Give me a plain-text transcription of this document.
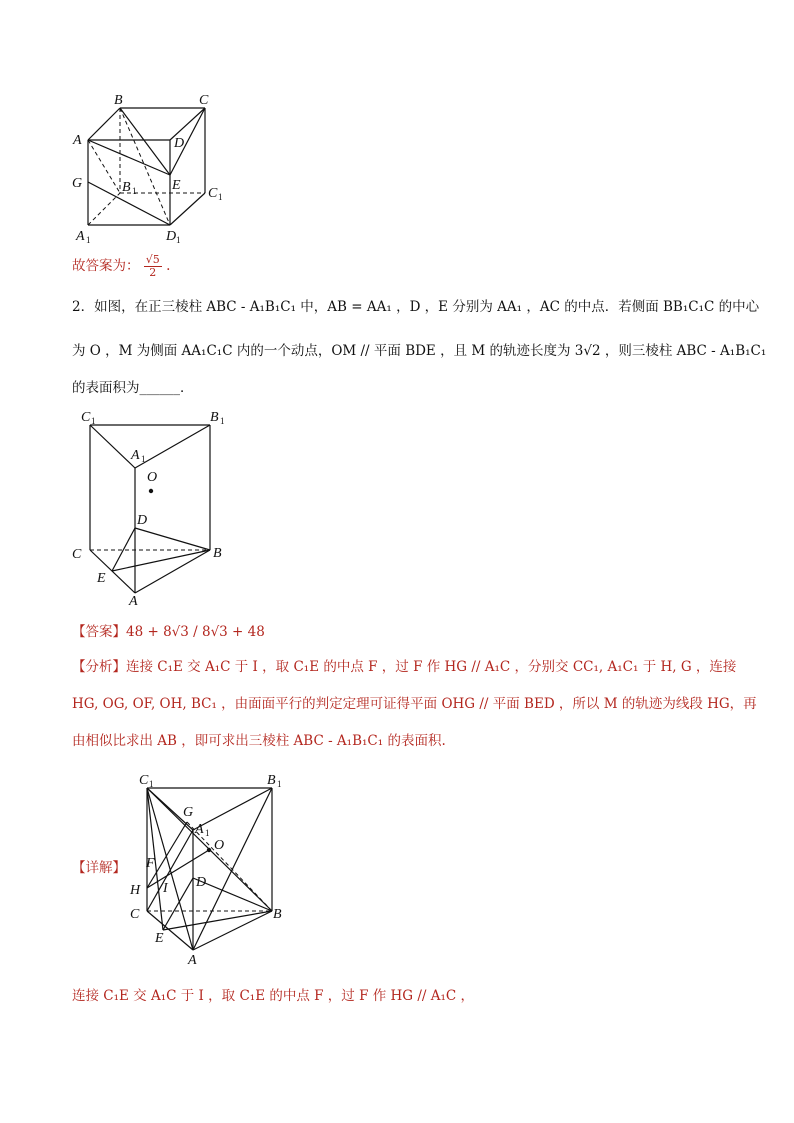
B	C
A	D
G	B 1	E
C 1
A 1	D 1
故答案为： $\frac{√5}{2}$ .
2．如图，在正三棱柱 ABC - A₁B₁C₁ 中，AB = AA₁ ，D ，E 分别为 AA₁ ，AC 的中点．若侧面 BB₁C₁C 的中心
为 O ，M 为侧面 AA₁C₁C 内的一个动点，OM // 平面 BDE ，且 M 的轨迹长度为 3√2 ，则三棱柱 ABC - A₁B₁C₁
的表面积为______．
C 1	B 1
A 1
O
D
C	B
E
A
【答案】48 + 8√3 / 8√3 + 48
【分析】连接 C₁E 交 A₁C 于 I ，取 C₁E 的中点 F ，过 F 作 HG // A₁C ，分别交 CC₁, A₁C₁ 于 H, G ，连接
HG, OG, OF, OH, BC₁ ，由面面平行的判定定理可证得平面 OHG // 平面 BED ，所以 M 的轨迹为线段 HG，再
由相似比求出 AB ，即可求出三棱柱 ABC - A₁B₁C₁ 的表面积.
【详解】
C 1	B 1
G
A 1
O
F
D
H I
C	B
E
A
连接 C₁E 交 A₁C 于 I ，取 C₁E 的中点 F ，过 F 作 HG // A₁C ，
